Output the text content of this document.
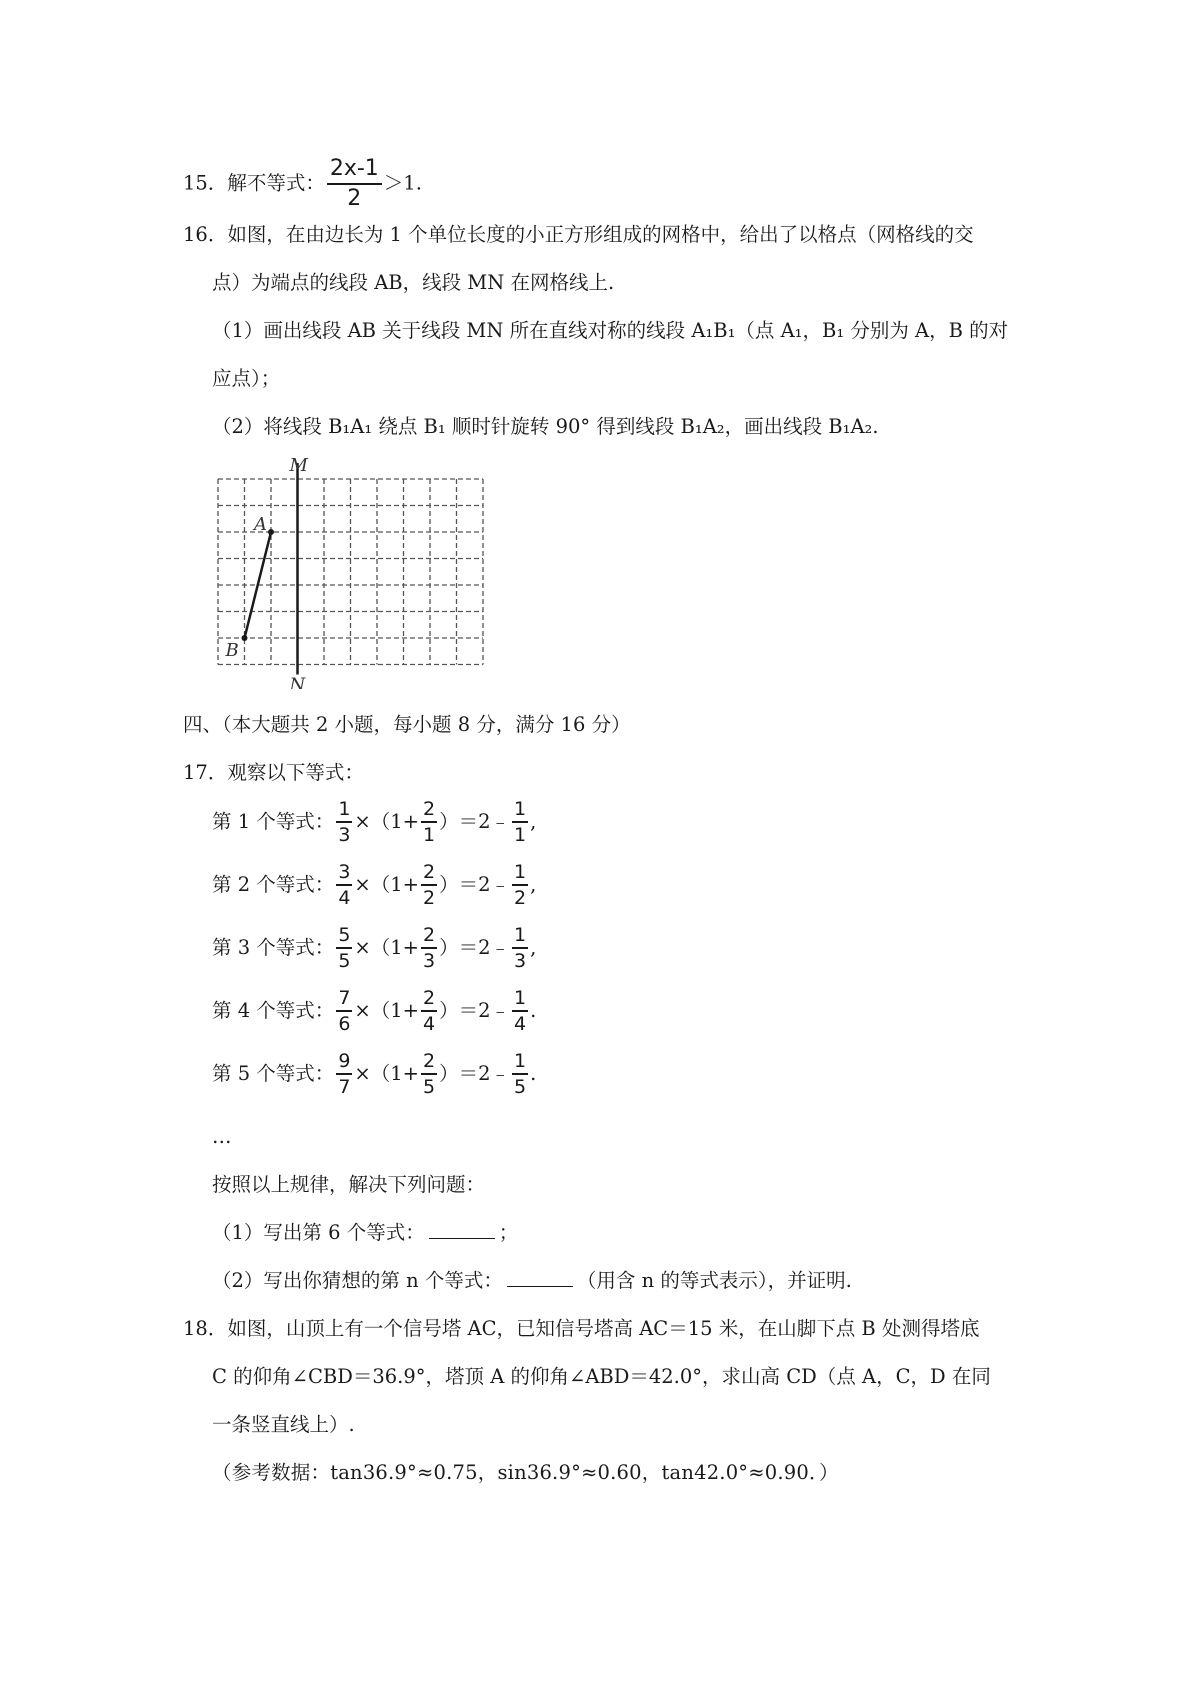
15．解不等式： $\frac{2x-1}{2} >1$.
16．如图，在由边长为 1 个单位长度的小正方形组成的网格中，给出了以格点（网格线的交
点）为端点的线段 AB，线段 MN 在网格线上.
（1）画出线段 AB 关于线段 MN 所在直线对称的线段 A₁B₁（点 A₁，B₁ 分别为 A，B 的对
应点）；
（2）将线段 B₁A₁ 绕点 B₁ 顺时针旋转 90° 得到线段 B₁A₂，画出线段 B₁A₂.
M
N
A
B
四、（本大题共 2 小题，每小题 8 分，满分 16 分）
17．观察以下等式：
第 1 个等式： $\frac{1}{3} \times(1+ \frac{2}{1}$ ）＝2﹣ $\frac{1}{1}$ ,
第 2 个等式： $\frac{3}{4} \times(1+ \frac{2}{2}$ ）＝2﹣ $\frac{1}{2}$ ,
第 3 个等式： $\frac{5}{5} \times(1+ \frac{2}{3}$ ）＝2﹣ $\frac{1}{3}$ ,
第 4 个等式： $\frac{7}{6} \times(1+ \frac{2}{4}$ ）＝2﹣ $\frac{1}{4}$ .
第 5 个等式： $\frac{9}{7} \times(1+ \frac{2}{5}$ ）＝2﹣ $\frac{1}{5}$ .
…
按照以上规律，解决下列问题：
（1）写出第 6 个等式：	；
（2）写出你猜想的第 n 个等式：	（用含 n 的等式表示），并证明.
18．如图，山顶上有一个信号塔 AC，已知信号塔高 AC＝15 米，在山脚下点 B 处测得塔底
C 的仰角∠CBD＝36.9°，塔顶 A 的仰角∠ABD＝42.0°，求山高 CD（点 A，C，D 在同
一条竖直线上）.
（参考数据：tan36.9°≈0.75，sin36.9°≈0.60，tan42.0°≈0.90．）
